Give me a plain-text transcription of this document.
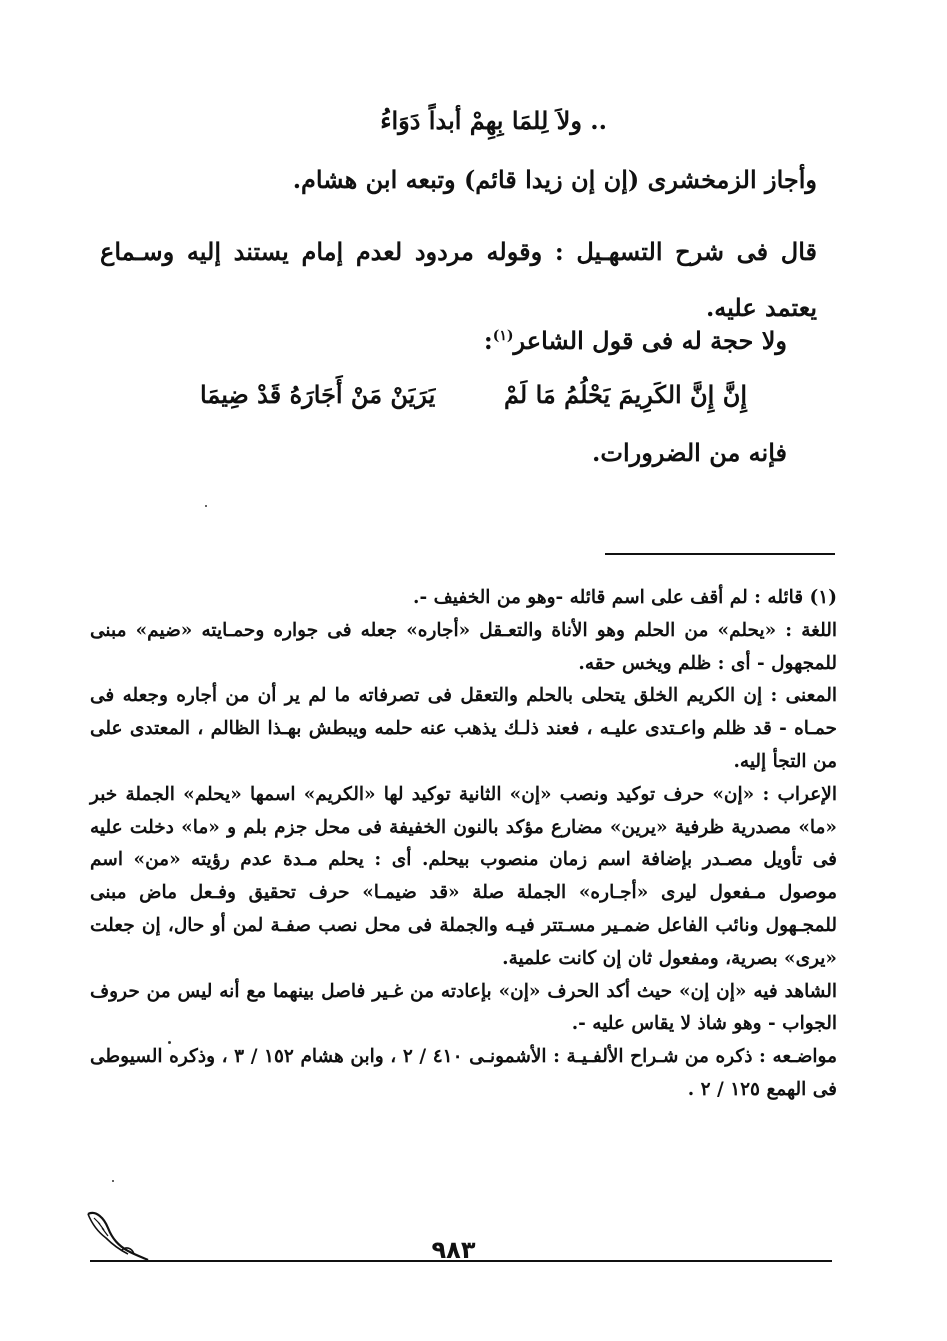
.. ولاَ لِلمَا بِهِمْ أبداً دَوَاءُ
وأجاز الزمخشرى (إن إن زيدا قائم) وتبعه ابن هشام.
قال فى شرح التسهـيل : وقوله مردود لعدم إمام يستند إليه وسـماع يعتمد عليه.
ولا حجة له فى قول الشاعر$^{(١)}$:
إِنَّ إِنَّ الكَرِيمَ يَحْلُمُ مَا لَمْ
يَرَيَنْ مَنْ أَجَارَهُ قَدْ ضِيمَا
فإنه من الضرورات.

(١) قائله : لم أقف على اسم قائله -وهو من الخفيف -.

اللغة : «يحلم» من الحلم وهو الأناة والتعـقل «أجاره» جعله فى جواره وحمـايته «ضيم» مبنى للمجهول - أى : ظلم ويخس حقه.

المعنى : إن الكريم الخلق يتحلى بالحلم والتعقل فى تصرفاته ما لم ير أن من أجاره وجعله فى حمـاه - قد ظلم واعـتدى عليـه ، فعند ذلـك يذهب عنه حلمه ويبطش بهـذا الظالم ، المعتدى على من التجأ إليه.

الإعراب : «إن» حرف توكيد ونصب «إن» الثانية توكيد لها «الكريم» اسمها «يحلم» الجملة خبر «ما» مصدرية ظرفية «يرين» مضارع مؤكد بالنون الخفيفة فى محل جزم بلم و «ما» دخلت عليه فى تأويل مصـدر بإضافة اسم زمان منصوب بيحلم. أى : يحلم مـدة عدم رؤيته «من» اسم موصول مـفعول ليرى «أجـاره» الجملة صلة «قد ضيمـا» حرف تحقيق وفـعل ماض مبنى للمجـهول ونائب الفاعل ضمـير مسـتتر فيـه والجملة فى محل نصب صفـة لمن أو حال، إن جعلت «يرى» بصرية، ومفعول ثان إن كانت علمية.

الشاهد فيه «إن إن» حيث أكد الحرف «إن» بإعادته من غـير فاصل بينهما مع أنه ليس من حروف الجواب - وهو شاذ لا يقاس عليه -.

مواضـعه : ذكره من شـراح الألفـيـة : الأشمونـى ٤١٠ / ٢ ، وابن هشام ١٥٢ / ٣ ، وذكره السيوطى فى الهمع ١٢٥ / ٢ .

٩٨٣
